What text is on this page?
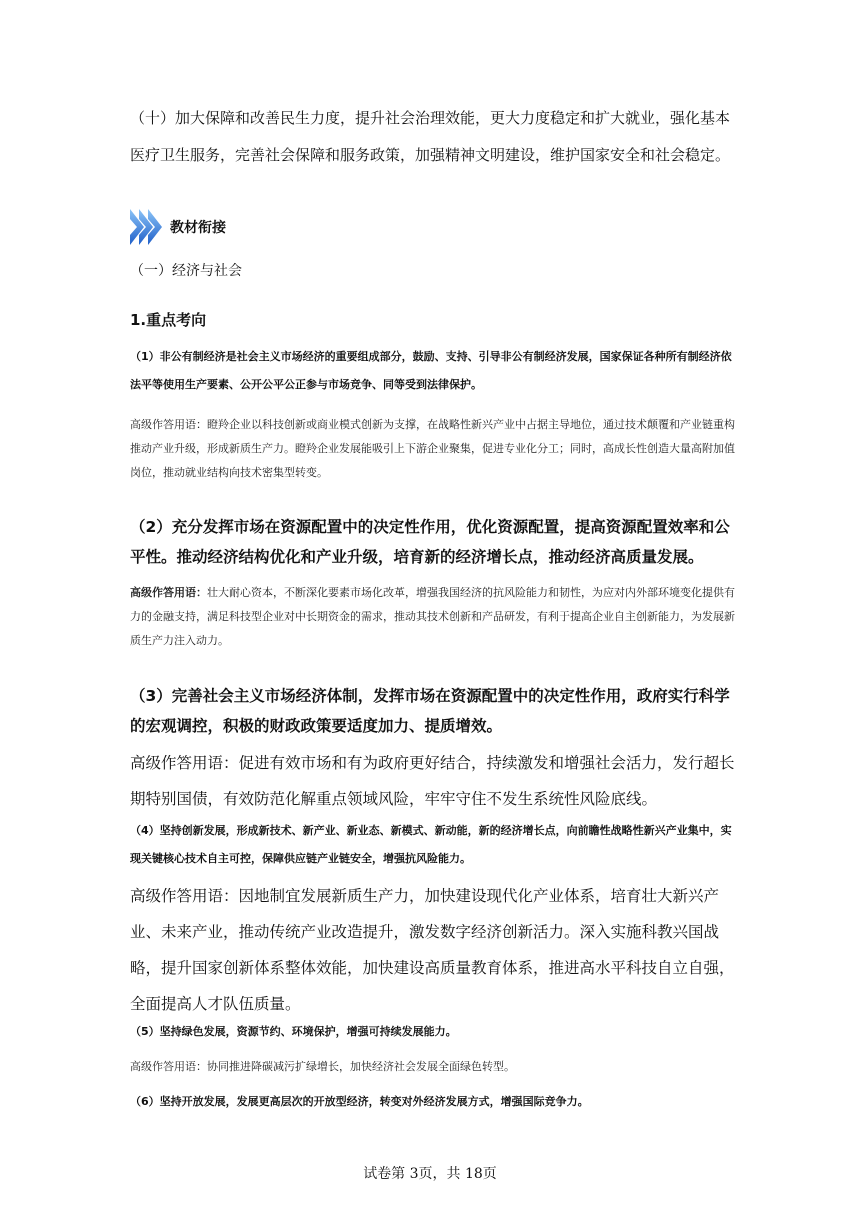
（十）加大保障和改善民生力度，提升社会治理效能，更大力度稳定和扩大就业，强化基本医疗卫生服务，完善社会保障和服务政策，加强精神文明建设，维护国家安全和社会稳定。
教材衔接
（一）经济与社会
1.重点考向
（1）非公有制经济是社会主义市场经济的重要组成部分，鼓励、支持、引导非公有制经济发展，国家保证各种所有制经济依法平等使用生产要素、公开公平公正参与市场竞争、同等受到法律保护。
高级作答用语：瞪羚企业以科技创新或商业模式创新为支撑，在战略性新兴产业中占据主导地位，通过技术颠覆和产业链重构推动产业升级，形成新质生产力。瞪羚企业发展能吸引上下游企业聚集，促进专业化分工；同时，高成长性创造大量高附加值岗位，推动就业结构向技术密集型转变。
（2）充分发挥市场在资源配置中的决定性作用，优化资源配置，提高资源配置效率和公平性。推动经济结构优化和产业升级，培育新的经济增长点，推动经济高质量发展。
高级作答用语：壮大耐心资本，不断深化要素市场化改革，增强我国经济的抗风险能力和韧性，为应对内外部环境变化提供有力的金融支持，满足科技型企业对中长期资金的需求，推动其技术创新和产品研发，有利于提高企业自主创新能力，为发展新质生产力注入动力。
（3）完善社会主义市场经济体制，发挥市场在资源配置中的决定性作用，政府实行科学的宏观调控，积极的财政政策要适度加力、提质增效。
高级作答用语：促进有效市场和有为政府更好结合，持续激发和增强社会活力，发行超长期特别国债，有效防范化解重点领域风险，牢牢守住不发生系统性风险底线。
（4）坚持创新发展，形成新技术、新产业、新业态、新模式、新动能，新的经济增长点，向前瞻性战略性新兴产业集中，实现关键核心技术自主可控，保障供应链产业链安全，增强抗风险能力。
高级作答用语：因地制宜发展新质生产力，加快建设现代化产业体系，培育壮大新兴产业、未来产业，推动传统产业改造提升，激发数字经济创新活力。深入实施科教兴国战略，提升国家创新体系整体效能，加快建设高质量教育体系，推进高水平科技自立自强，全面提高人才队伍质量。
（5）坚持绿色发展，资源节约、环境保护，增强可持续发展能力。
高级作答用语：协同推进降碳减污扩绿增长，加快经济社会发展全面绿色转型。
（6）坚持开放发展，发展更高层次的开放型经济，转变对外经济发展方式，增强国际竞争力。
试卷第 3页，共 18页
